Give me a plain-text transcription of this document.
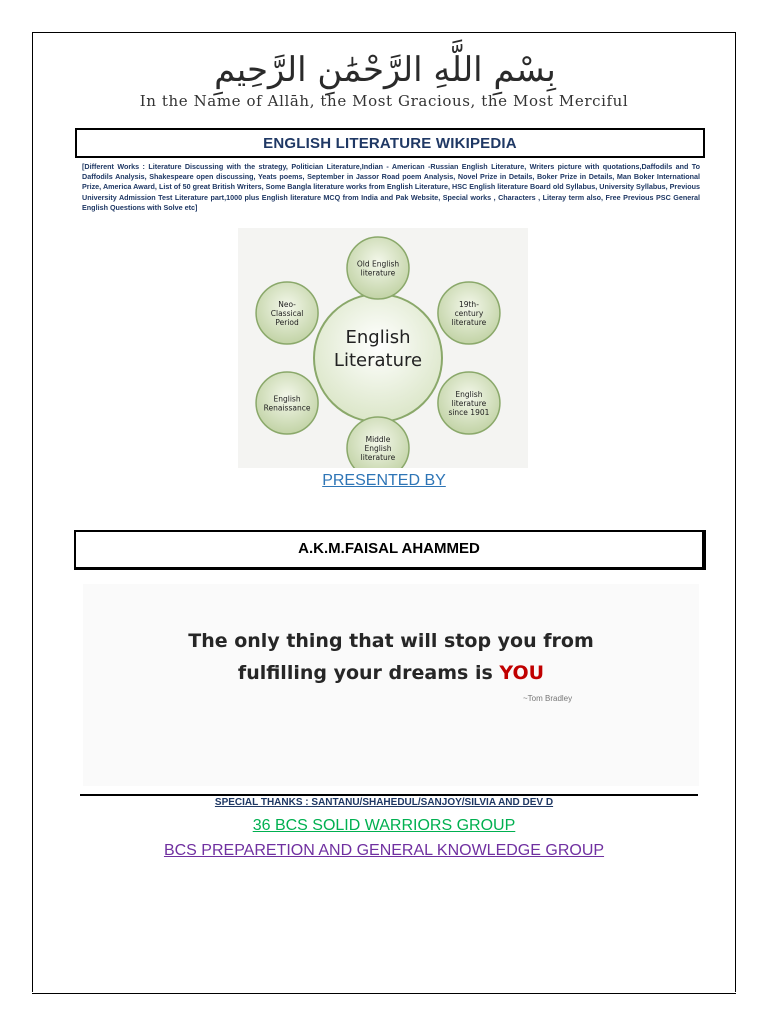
بِسْمِ اللَّهِ الرَّحْمَٰنِ الرَّحِيمِ
In the Name of Allāh, the Most Gracious, the Most Merciful
ENGLISH LITERATURE WIKIPEDIA
[Different Works : Literature Discussing with the strategy, Politician Literature,Indian - American -Russian English Literature, Writers picture with quotations,Daffodils and To Daffodils Analysis, Shakespeare open discussing, Yeats poems, September in Jassor Road poem Analysis, Novel Prize in Details, Boker Prize in Details, Man Boker International Prize, America Award, List of 50 great British Writers, Some Bangla literature works from English Literature, HSC English literature Board old Syllabus, University Syllabus, Previous University Admission Test Literature part,1000 plus English literature MCQ from India and Pak Website, Special works , Characters , Literay term also, Free Previous PSC General English Questions with Solve etc]
English
Literature
Old English
literature
19th-
century
literature
English
literature
since 1901
Middle
English
literature
English
Renaissance
Neo-
Classical
Period
PRESENTED BY
A.K.M.FAISAL AHAMMED
The only thing that will stop you from
fulfilling your dreams is YOU
~Tom Bradley
SPECIAL THANKS : SANTANU/SHAHEDUL/SANJOY/SILVIA AND DEV D
36 BCS SOLID WARRIORS GROUP
BCS PREPARETION AND GENERAL KNOWLEDGE GROUP
